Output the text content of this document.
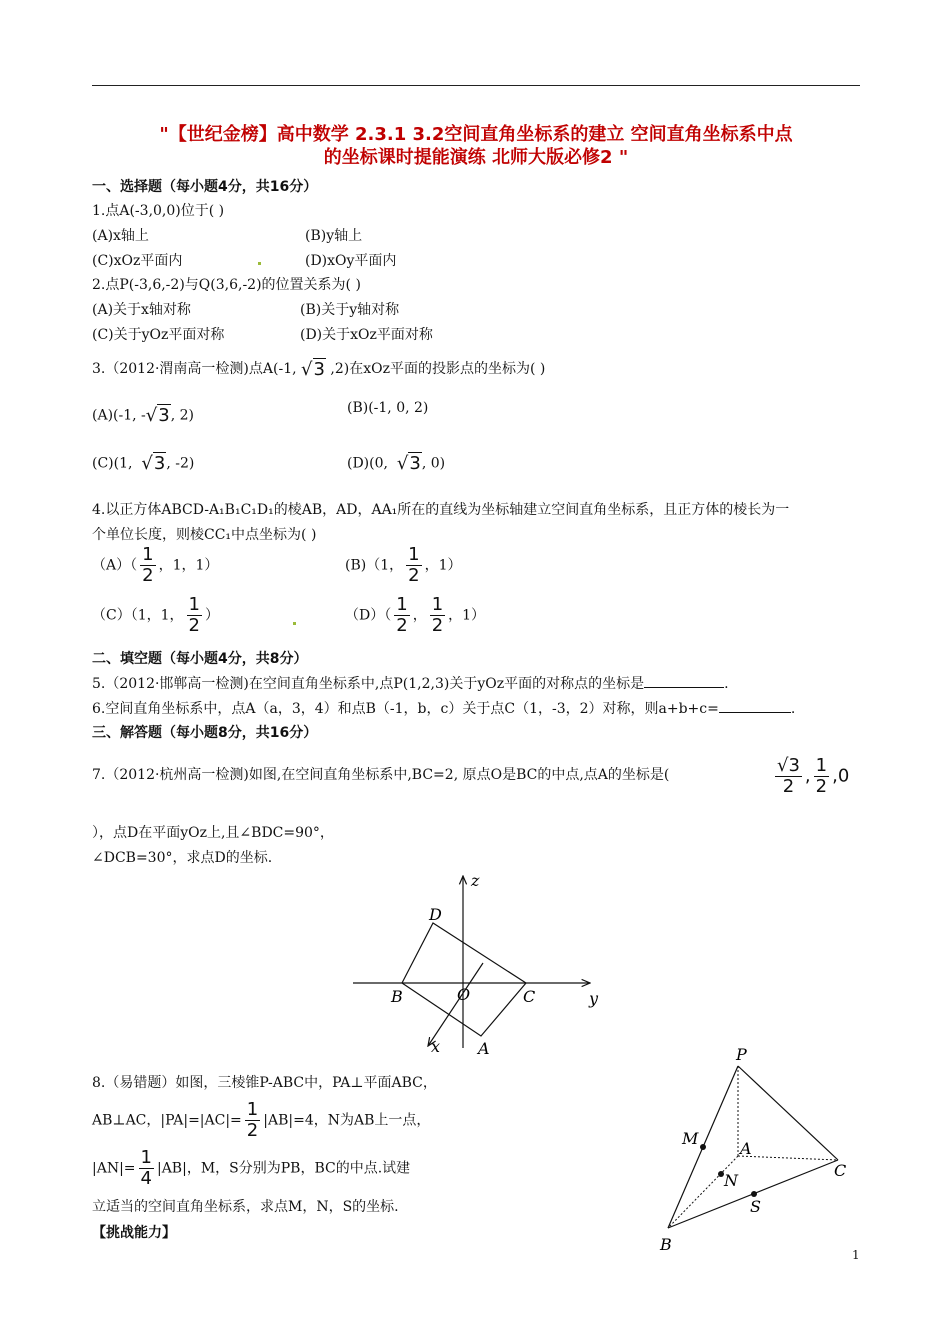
"【世纪金榜】高中数学 2.3.1 3.2空间直角坐标系的建立 空间直角坐标系中点
的坐标课时提能演练 北师大版必修2 "
一、选择题（每小题4分，共16分）
1.点A(-3,0,0)位于( )
(A)x轴上	(B)y轴上
(C)xOz平面内	(D)xOy平面内
2.点P(-3,6,-2)与Q(3,6,-2)的位置关系为( )
(A)关于x轴对称	(B)关于y轴对称
(C)关于yOz平面对称	(D)关于xOz平面对称
3.（2012·渭南高一检测)点A(-1, √3 ,2)在xOz平面的投影点的坐标为( )
(A)(-1, -√3, 2)	(B)(-1, 0, 2)
(C)(1, √3, -2)	(D)(0, √3, 0)
4.以正方体ABCD-A₁B₁C₁D₁的棱AB，AD，AA₁所在的直线为坐标轴建立空间直角坐标系，且正方体的棱长为一
个单位长度，则棱CC₁中点坐标为( )
$(A)( \frac{1}{2}$ ，1，1）	(B)（1， $\frac{1}{2}$ ，1）
（C）（1，1， $\frac{1}{2}$ ）	$(D)( \frac{1}{2}$ ， $\frac{1}{2}$ ，1）
二、填空题（每小题4分，共8分）
5.（2012·邯郸高一检测)在空间直角坐标系中,点P(1,2,3)关于yOz平面的对称点的坐标是	.
6.空间直角坐标系中，点A（a，3，4）和点B（-1，b，c）关于点C（1，-3，2）对称，则a+b+c=	.
三、解答题（每小题8分，共16分）
7.（2012·杭州高一检测)如图,在空间直角坐标系中,BC=2, 原点O是BC的中点,点A的坐标是(	$\frac{√3}{2}$ , $\frac{1}{2} ,0$
），点D在平面yOz上,且∠BDC=90°，
∠DCB=30°，求点D的坐标.
z
y
x
D
B	O	C
A
8.（易错题）如图，三棱锥P-ABC中，PA⊥平面ABC，
AB⊥AC，$|PA|=|AC|= \frac{1}{2} |AB|=4$，N为AB上一点，
$|AN|= \frac{1}{4} |AB|$，M，S分别为PB，BC的中点.试建
立适当的空间直角坐标系，求点M，N，S的坐标.
P
M
A
N
C
S
B
【挑战能力】
1
